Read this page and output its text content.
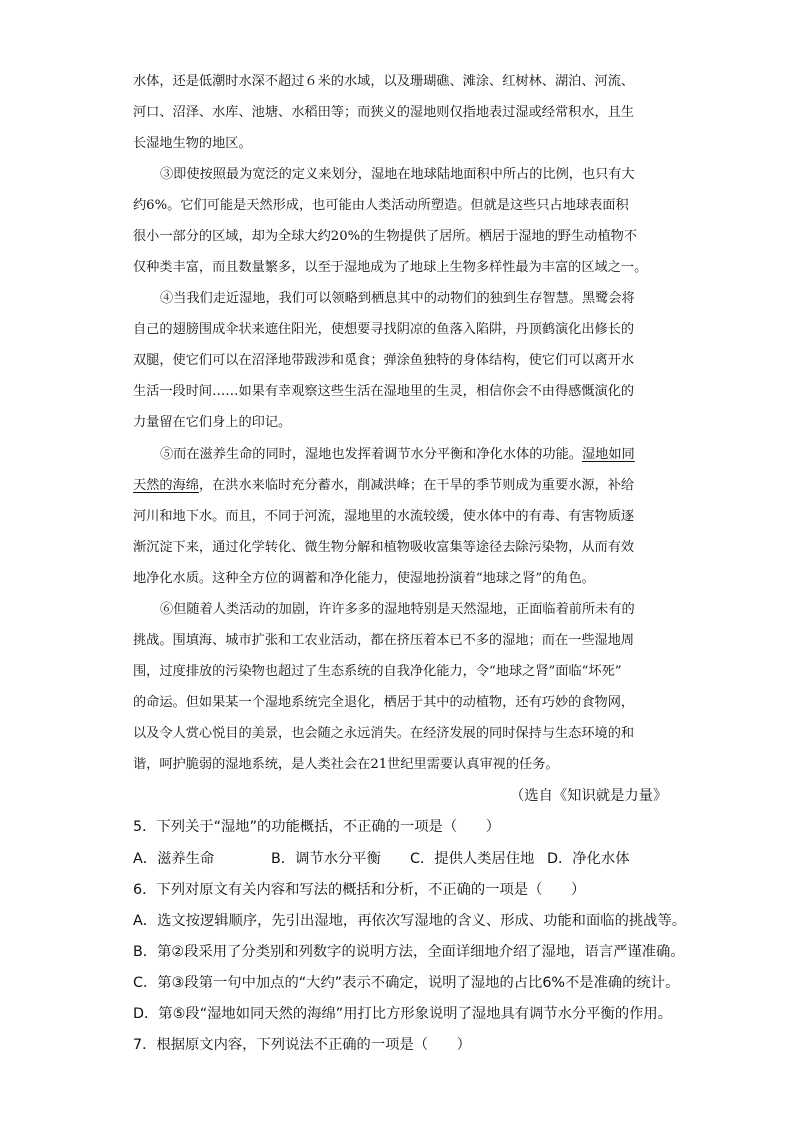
水体，还是低潮时水深不超过６米的水域，以及珊瑚礁、滩涂、红树林、湖泊、河流、
河口、沼泽、水库、池塘、水稻田等；而狭义的湿地则仅指地表过湿或经常积水，且生
长湿地生物的地区。
③即使按照最为宽泛的定义来划分，湿地在地球陆地面积中所占的比例，也只有大
约6%。它们可能是天然形成，也可能由人类活动所塑造。但就是这些只占地球表面积
很小一部分的区域，却为全球大约20%的生物提供了居所。栖居于湿地的野生动植物不
仅种类丰富，而且数量繁多，以至于湿地成为了地球上生物多样性最为丰富的区域之一。
④当我们走近湿地，我们可以领略到栖息其中的动物们的独到生存智慧。黑鹭会将
自己的翅膀围成伞状来遮住阳光，使想要寻找阴凉的鱼落入陷阱，丹顶鹤演化出修长的
双腿，使它们可以在沼泽地带跋涉和觅食；弹涂鱼独特的身体结构，使它们可以离开水
生活一段时间……如果有幸观察这些生活在湿地里的生灵，相信你会不由得感慨演化的
力量留在它们身上的印记。
⑤而在滋养生命的同时，湿地也发挥着调节水分平衡和净化水体的功能。湿地如同
天然的海绵，在洪水来临时充分蓄水，削减洪峰；在干旱的季节则成为重要水源，补给
河川和地下水。而且，不同于河流，湿地里的水流较缓，使水体中的有毒、有害物质逐
渐沉淀下来，通过化学转化、微生物分解和植物吸收富集等途径去除污染物，从而有效
地净化水质。这种全方位的调蓄和净化能力，使湿地扮演着“地球之肾”的角色。
⑥但随着人类活动的加剧，许许多多的湿地特别是天然湿地，正面临着前所未有的
挑战。围填海、城市扩张和工农业活动，都在挤压着本已不多的湿地；而在一些湿地周
围，过度排放的污染物也超过了生态系统的自我净化能力，令“地球之肾”面临“坏死”
的命运。但如果某一个湿地系统完全退化，栖居于其中的动植物，还有巧妙的食物网，
以及令人赏心悦目的美景，也会随之永远消失。在经济发展的同时保持与生态环境的和
谐，呵护脆弱的湿地系统，是人类社会在21世纪里需要认真审视的任务。
（选自《知识就是力量》
5．下列关于“湿地”的功能概括，不正确的一项是（　　）
A．滋养生命	B．调节水分平衡 C．提供人类居住地 D．净化水体
6．下列对原文有关内容和写法的概括和分析，不正确的一项是（　　）
A．选文按逻辑顺序，先引出湿地，再依次写湿地的含义、形成、功能和面临的挑战等。
B．第②段采用了分类别和列数字的说明方法，全面详细地介绍了湿地，语言严谨准确。
C．第③段第一句中加点的“大约”表示不确定，说明了湿地的占比6%不是准确的统计。
D．第⑤段“湿地如同天然的海绵”用打比方形象说明了湿地具有调节水分平衡的作用。
7．根据原文内容，下列说法不正确的一项是（　　）
